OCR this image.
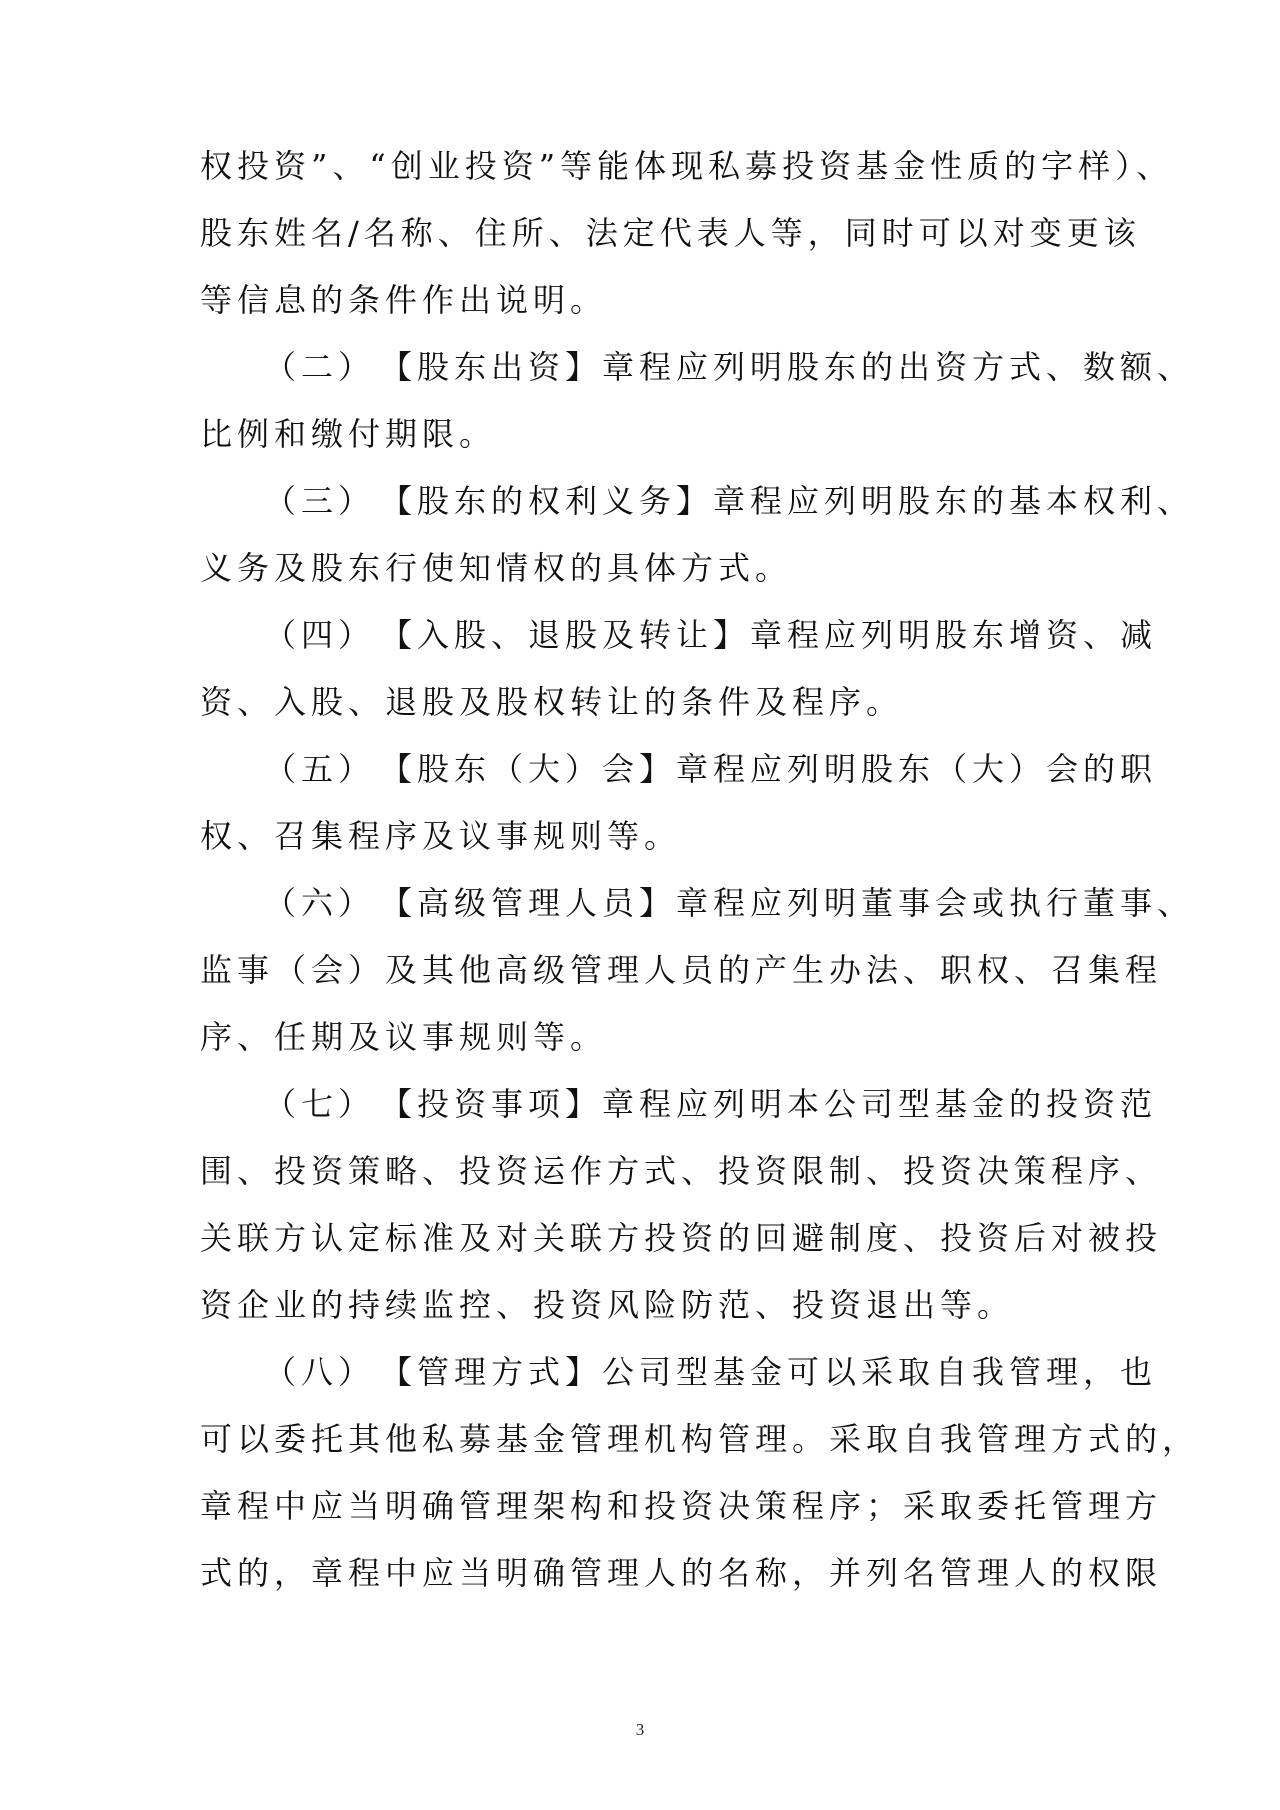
权投资”、“创业投资”等能体现私募投资基金性质的字样）、
股东姓名/名称、住所、法定代表人等，同时可以对变更该
等信息的条件作出说明。
（二）　【股东出资】章程应列明股东的出资方式、数额、
比例和缴付期限。
（三）　【股东的权利义务】章程应列明股东的基本权利、
义务及股东行使知情权的具体方式。
（四）　【入股、退股及转让】章程应列明股东增资、减
资、入股、退股及股权转让的条件及程序。
（五）　【股东（大）会】章程应列明股东（大）会的职
权、召集程序及议事规则等。
（六）　【高级管理人员】章程应列明董事会或执行董事、
监事（会）及其他高级管理人员的产生办法、职权、召集程
序、任期及议事规则等。
（七）　【投资事项】章程应列明本公司型基金的投资范
围、投资策略、投资运作方式、投资限制、投资决策程序、
关联方认定标准及对关联方投资的回避制度、投资后对被投
资企业的持续监控、投资风险防范、投资退出等。
（八）　【管理方式】公司型基金可以采取自我管理，也
可以委托其他私募基金管理机构管理。采取自我管理方式的，
章程中应当明确管理架构和投资决策程序；采取委托管理方
式的，章程中应当明确管理人的名称，并列名管理人的权限
3
